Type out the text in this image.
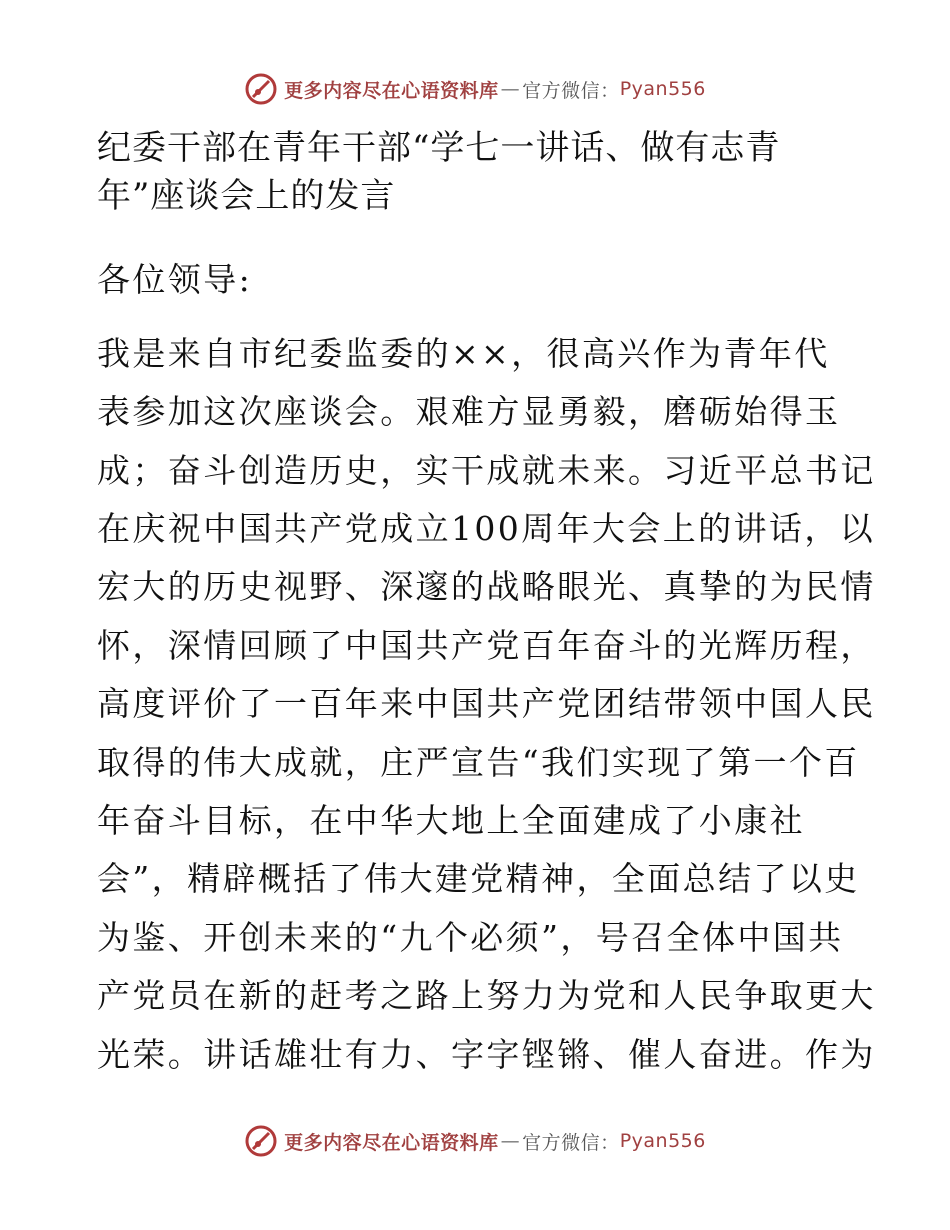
更多内容尽在心语资料库 — 官方微信： Pyan556
纪委干部在青年干部“学七一讲话、做有志青
年”座谈会上的发言
各位领导:
我是来自市纪委监委的××，很高兴作为青年代
表参加这次座谈会。艰难方显勇毅，磨砺始得玉
成；奋斗创造历史，实干成就未来。习近平总书记
在庆祝中国共产党成立100周年大会上的讲话，以
宏大的历史视野、深邃的战略眼光、真挚的为民情
怀，深情回顾了中国共产党百年奋斗的光辉历程，
高度评价了一百年来中国共产党团结带领中国人民
取得的伟大成就，庄严宣告“我们实现了第一个百
年奋斗目标，在中华大地上全面建成了小康社
会”，精辟概括了伟大建党精神，全面总结了以史
为鉴、开创未来的“九个必须”，号召全体中国共
产党员在新的赶考之路上努力为党和人民争取更大
光荣。讲话雄壮有力、字字铿锵、催人奋进。作为
更多内容尽在心语资料库 — 官方微信： Pyan556
